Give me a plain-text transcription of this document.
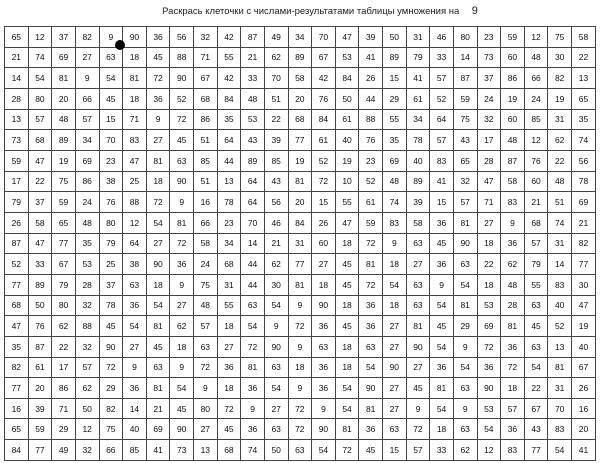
Раскрась клеточки с числами-результатами таблицы умножения на 9
65	12	37	82	9	90	36	56	32	42	87	49	34	70	47	39	50	31	46	80	23	59	12	75	58
21	74	69	27	63	18	45	88	71	55	21	62	89	67	53	41	89	79	33	14	73	60	48	30	22
14	54	81	9	54	81	72	90	67	42	33	70	58	42	84	26	15	41	57	87	37	86	66	82	13
28	80	20	66	45	18	36	52	68	84	48	51	20	76	50	44	29	61	52	59	24	19	24	19	65
13	57	48	57	15	71	9	72	86	35	53	22	68	84	61	88	55	34	64	75	32	60	85	31	35
73	68	89	34	70	83	27	45	51	64	43	39	77	61	40	76	35	78	57	43	17	48	12	62	74
59	47	19	69	23	47	81	63	85	44	89	85	19	52	19	23	69	40	83	65	28	87	76	22	56
17	22	75	86	38	25	18	90	51	13	64	43	81	72	10	52	48	89	41	32	47	58	60	48	78
79	37	59	24	76	88	72	9	16	78	64	56	20	15	55	61	74	39	15	57	71	83	21	51	69
26	58	65	48	80	12	54	81	66	23	70	46	84	26	47	59	83	58	36	81	27	9	68	74	21
87	47	77	35	79	64	27	72	58	34	14	21	31	60	18	72	9	63	45	90	18	36	57	31	82
52	33	67	53	25	38	90	36	24	68	44	62	77	27	45	81	18	27	36	63	22	62	79	14	77
77	89	79	28	37	63	18	9	75	31	44	30	81	18	45	72	54	63	9	54	18	48	55	83	30
68	50	80	32	78	36	54	27	48	55	63	54	9	90	18	36	18	63	54	81	53	28	63	40	47
47	76	62	88	45	54	81	62	57	18	54	9	72	36	45	36	27	81	45	29	69	81	45	52	19
35	87	22	32	90	27	45	18	63	27	72	90	9	63	18	63	27	90	54	9	72	36	63	13	40
82	61	17	57	72	9	63	9	72	36	81	63	18	36	18	54	90	27	36	54	36	72	54	81	67
77	20	86	62	29	36	81	54	9	18	36	54	9	36	54	90	27	45	81	63	90	18	22	31	26
16	39	71	50	82	14	21	45	80	72	9	27	72	9	54	81	27	9	54	9	53	57	67	70	16
65	59	29	12	75	40	69	90	27	45	36	63	72	90	81	36	63	72	18	63	54	36	43	83	20
84	77	49	32	66	85	41	73	13	68	74	50	63	54	72	45	15	57	33	62	12	83	77	54	41
